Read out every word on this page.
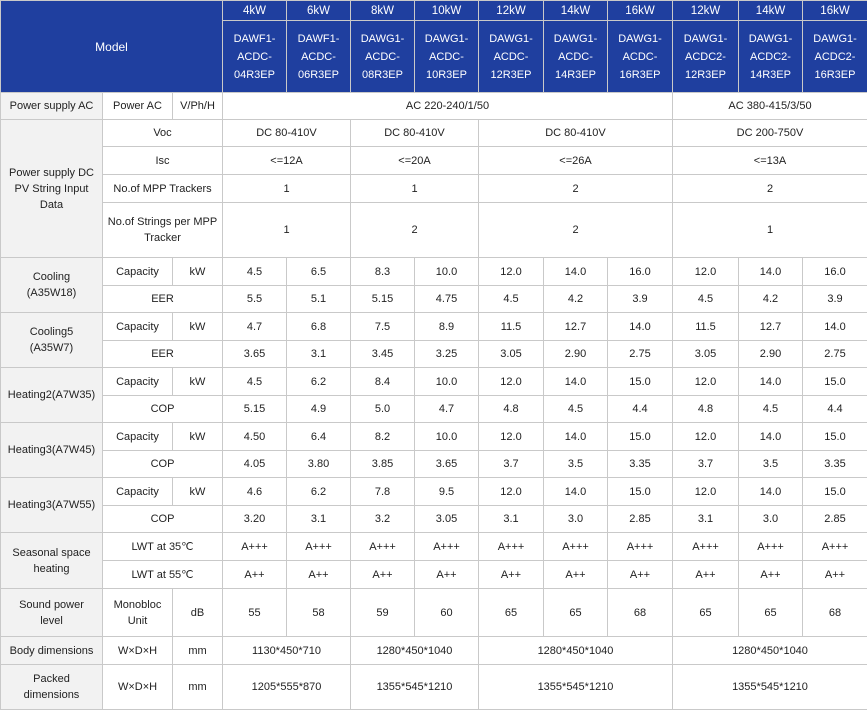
Model			4kW	6kW	8kW	10kW	12kW	14kW	16kW	12kW	14kW	16kW
			DAWF1-
ACDC-
04R3EP	DAWF1-
ACDC-
06R3EP	DAWG1-
ACDC-
08R3EP	DAWG1-
ACDC-
10R3EP	DAWG1-
ACDC-
12R3EP	DAWG1-
ACDC-
14R3EP	DAWG1-
ACDC-
16R3EP	DAWG1-
ACDC2-
12R3EP	DAWG1-
ACDC2-
14R3EP	DAWG1-
ACDC2-
16R3EP
Power supply AC	Power AC	V/Ph/H	AC 220-240/1/50							AC 380-415/3/50		
Power supply DC
PV String Input
Data	Voc		DC 80-410V		DC 80-410V		DC 80-410V			DC 200-750V		
	Isc		<=12A		<=20A		<=26A			<=13A		
	No.of MPP Trackers		1		1		2			2		
	No.of Strings per MPP
Tracker		1		2		2			1		
Cooling
(A35W18)	Capacity	kW	4.5	6.5	8.3	10.0	12.0	14.0	16.0	12.0	14.0	16.0
	EER		5.5	5.1	5.15	4.75	4.5	4.2	3.9	4.5	4.2	3.9
Cooling5
(A35W7)	Capacity	kW	4.7	6.8	7.5	8.9	11.5	12.7	14.0	11.5	12.7	14.0
	EER		3.65	3.1	3.45	3.25	3.05	2.90	2.75	3.05	2.90	2.75
Heating2(A7W35)	Capacity	kW	4.5	6.2	8.4	10.0	12.0	14.0	15.0	12.0	14.0	15.0
	COP		5.15	4.9	5.0	4.7	4.8	4.5	4.4	4.8	4.5	4.4
Heating3(A7W45)	Capacity	kW	4.50	6.4	8.2	10.0	12.0	14.0	15.0	12.0	14.0	15.0
	COP		4.05	3.80	3.85	3.65	3.7	3.5	3.35	3.7	3.5	3.35
Heating3(A7W55)	Capacity	kW	4.6	6.2	7.8	9.5	12.0	14.0	15.0	12.0	14.0	15.0
	COP		3.20	3.1	3.2	3.05	3.1	3.0	2.85	3.1	3.0	2.85
Seasonal space
heating	LWT at 35℃		A+++	A+++	A+++	A+++	A+++	A+++	A+++	A+++	A+++	A+++
	LWT at 55℃		A++	A++	A++	A++	A++	A++	A++	A++	A++	A++
Sound power
level	Monobloc
Unit	dB	55	58	59	60	65	65	68	65	65	68
Body dimensions	W×D×H	mm	1130*450*710		1280*450*1040		1280*450*1040			1280*450*1040		
Packed
dimensions	W×D×H	mm	1205*555*870		1355*545*1210		1355*545*1210			1355*545*1210		
